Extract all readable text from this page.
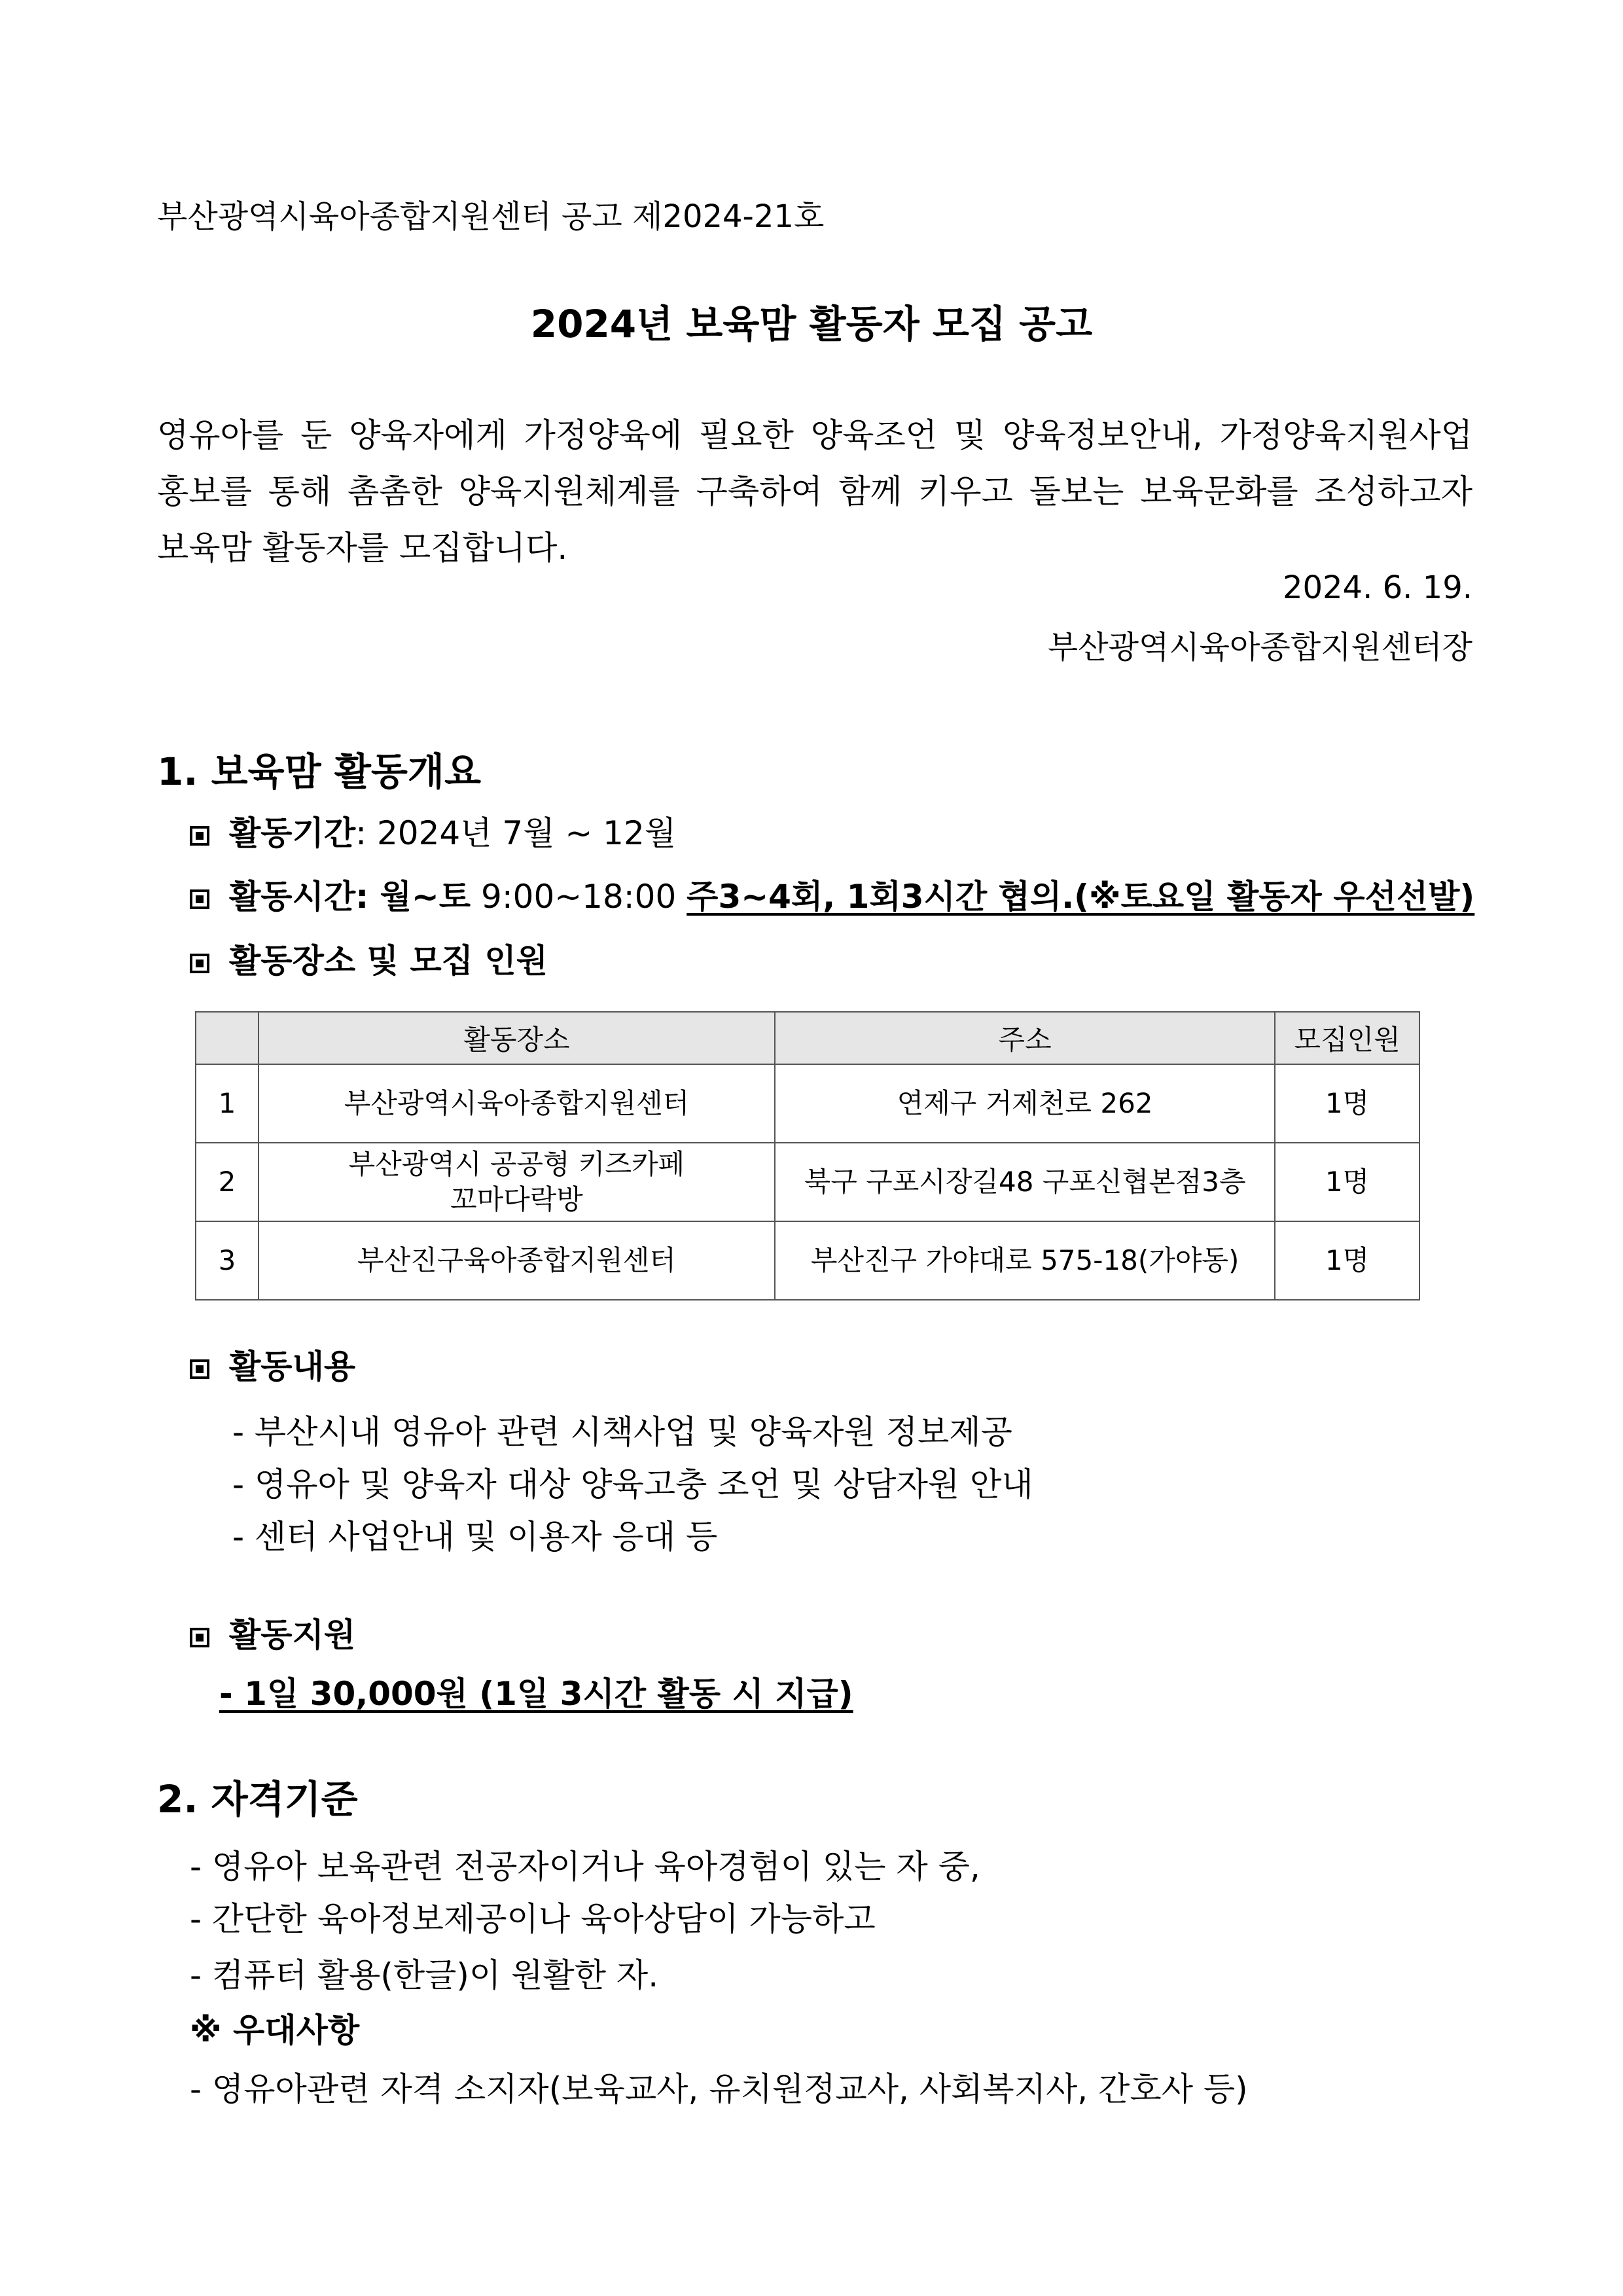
부산광역시육아종합지원센터 공고 제2024-21호
2024년 보육맘 활동자 모집 공고
영유아를 둔 양육자에게 가정양육에 필요한 양육조언 및 양육정보안내, 가정양육지원사업
홍보를 통해 촘촘한 양육지원체계를 구축하여 함께 키우고 돌보는 보육문화를 조성하고자
보육맘 활동자를 모집합니다.
2024. 6. 19.
부산광역시육아종합지원센터장
1. 보육맘 활동개요
활동기간: 2024년 7월 ~ 12월
활동시간: 월~토 9:00~18:00 주3~4회, 1회3시간 협의.(※토요일 활동자 우선선발)
활동장소 및 모집 인원
	활동장소	주소	모집인원
1	부산광역시육아종합지원센터	연제구 거제천로 262	1명
2	부산광역시 공공형 키즈카페
꼬마다락방	북구 구포시장길48 구포신협본점3층	1명
3	부산진구육아종합지원센터	부산진구 가야대로 575-18(가야동)	1명
활동내용
- 부산시내 영유아 관련 시책사업 및 양육자원 정보제공
- 영유아 및 양육자 대상 양육고충 조언 및 상담자원 안내
- 센터 사업안내 및 이용자 응대 등
활동지원
- 1일 30,000원 (1일 3시간 활동 시 지급)
2. 자격기준
- 영유아 보육관련 전공자이거나 육아경험이 있는 자 중,
- 간단한 육아정보제공이나 육아상담이 가능하고
- 컴퓨터 활용(한글)이 원활한 자.
※ 우대사항
- 영유아관련 자격 소지자(보육교사, 유치원정교사, 사회복지사, 간호사 등)
